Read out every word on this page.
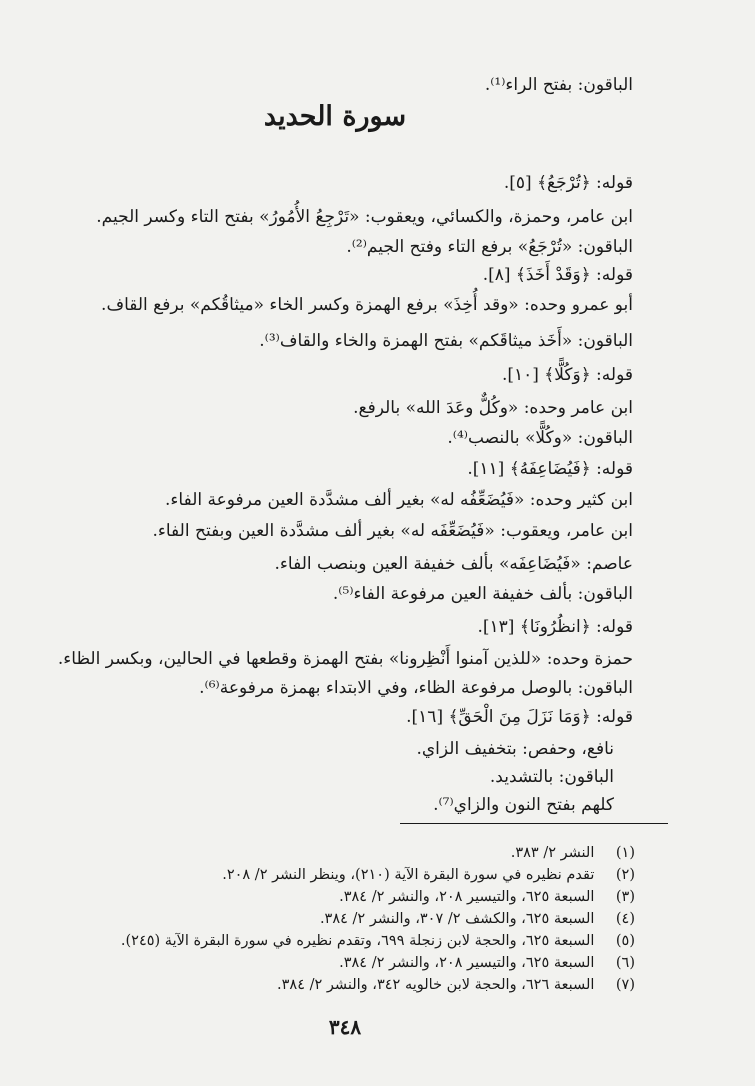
الباقون: بفتح الراء⁽¹⁾.
سورة الحديد
قوله: ﴿تُرْجَعُ﴾ [٥].
ابن عامر، وحمزة، والكسائي، ويعقوب: «تَرْجِعُ الأُمُورُ» بفتح التاء وكسر الجيم.
الباقون: «تُرْجَعُ» برفع التاء وفتح الجيم⁽²⁾.
قوله: ﴿وَقَدْ أَخَذَ﴾ [٨].
أبو عمرو وحده: «وقد أُخِذَ» برفع الهمزة وكسر الخاء «ميثاقُكم» برفع القاف.
الباقون: «أَخَذ ميثاقَكم» بفتح الهمزة والخاء والقاف⁽³⁾.
قوله: ﴿وَكُلًّا﴾ [١٠].
ابن عامر وحده: «وكُلٌّ وعَدَ الله» بالرفع.
الباقون: «وكُلًّا» بالنصب⁽⁴⁾.
قوله: ﴿فَيُضَاعِفَهُ﴾ [١١].
ابن كثير وحده: «فَيُضَعِّفُه له» بغير ألف مشدَّدة العين مرفوعة الفاء.
ابن عامر، ويعقوب: «فَيُضَعِّفَه له» بغير ألف مشدَّدة العين وبفتح الفاء.
عاصم: «فَيُضَاعِفَه» بألف خفيفة العين وبنصب الفاء.
الباقون: بألف خفيفة العين مرفوعة الفاء⁽⁵⁾.
قوله: ﴿انظُرُونَا﴾ [١٣].
حمزة وحده: «للذين آمنوا أَنْظِرونا» بفتح الهمزة وقطعها في الحالين، وبكسر الظاء.
الباقون: بالوصل مرفوعة الظاء، وفي الابتداء بهمزة مرفوعة⁽⁶⁾.
قوله: ﴿وَمَا نَزَلَ مِنَ الْحَقِّ﴾ [١٦].
نافع، وحفص: بتخفيف الزاي.
الباقون: بالتشديد.
كلهم بفتح النون والزاي⁽⁷⁾.
(١) النشر ٢/ ٣٨٣.
(٢) تقدم نظيره في سورة البقرة الآية (٢١٠)، وينظر النشر ٢/ ٢٠٨.
(٣) السبعة ٦٢٥، والتيسير ٢٠٨، والنشر ٢/ ٣٨٤.
(٤) السبعة ٦٢٥، والكشف ٢/ ٣٠٧، والنشر ٢/ ٣٨٤.
(٥) السبعة ٦٢٥، والحجة لابن زنجلة ٦٩٩، وتقدم نظيره في سورة البقرة الآية (٢٤٥).
(٦) السبعة ٦٢٥، والتيسير ٢٠٨، والنشر ٢/ ٣٨٤.
(٧) السبعة ٦٢٦، والحجة لابن خالويه ٣٤٢، والنشر ٢/ ٣٨٤.
٣٤٨
